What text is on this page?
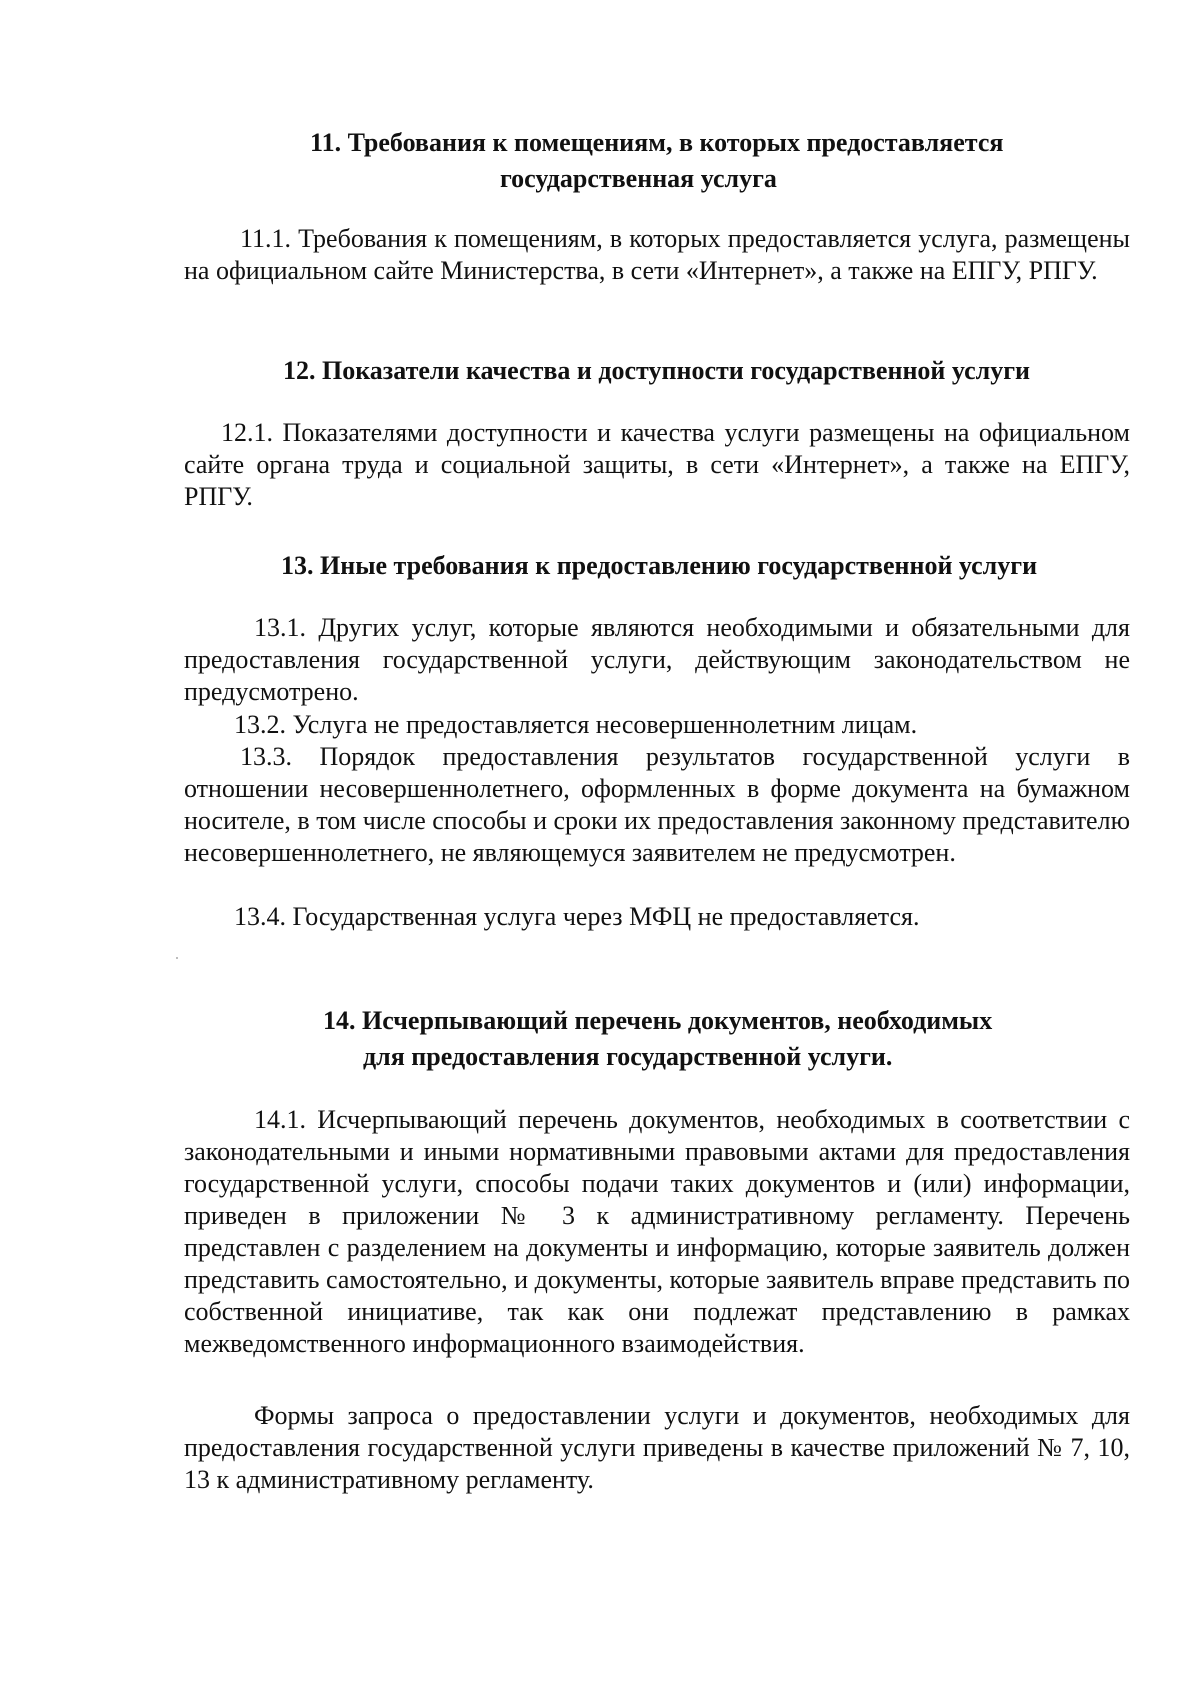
11. Требования к помещениям, в которых предоставляется
государственная услуга
11.1. Требования к помещениям, в которых предоставляется услуга, размещены на официальном сайте Министерства, в сети «Интернет», а также на ЕПГУ, РПГУ.
12. Показатели качества и доступности государственной услуги
12.1. Показателями доступности и качества услуги размещены на официальном сайте органа труда и социальной защиты, в сети «Интернет», а также на ЕПГУ, РПГУ.
13. Иные требования к предоставлению государственной услуги
13.1. Других услуг, которые являются необходимыми и обязательными для предоставления государственной услуги, действующим законодательством не предусмотрено.
13.2. Услуга не предоставляется несовершеннолетним лицам.
13.3. Порядок предоставления результатов государственной услуги в отношении несовершеннолетнего, оформленных в форме документа на бумажном носителе, в том числе способы и сроки их предоставления законному представителю несовершеннолетнего, не являющемуся заявителем не предусмотрен.
13.4. Государственная услуга через МФЦ не предоставляется.
14. Исчерпывающий перечень документов, необходимых
для предоставления государственной услуги.
14.1. Исчерпывающий перечень документов, необходимых в соответствии с законодательными и иными нормативными правовыми актами для предоставления государственной услуги, способы подачи таких документов и (или) информации, приведен в приложении № 3 к административному регламенту. Перечень представлен с разделением на документы и информацию, которые заявитель должен представить самостоятельно, и документы, которые заявитель вправе представить по собственной инициативе, так как они подлежат представлению в рамках межведомственного информационного взаимодействия.
Формы запроса о предоставлении услуги и документов, необходимых для предоставления государственной услуги приведены в качестве приложений № 7, 10, 13 к административному регламенту.
